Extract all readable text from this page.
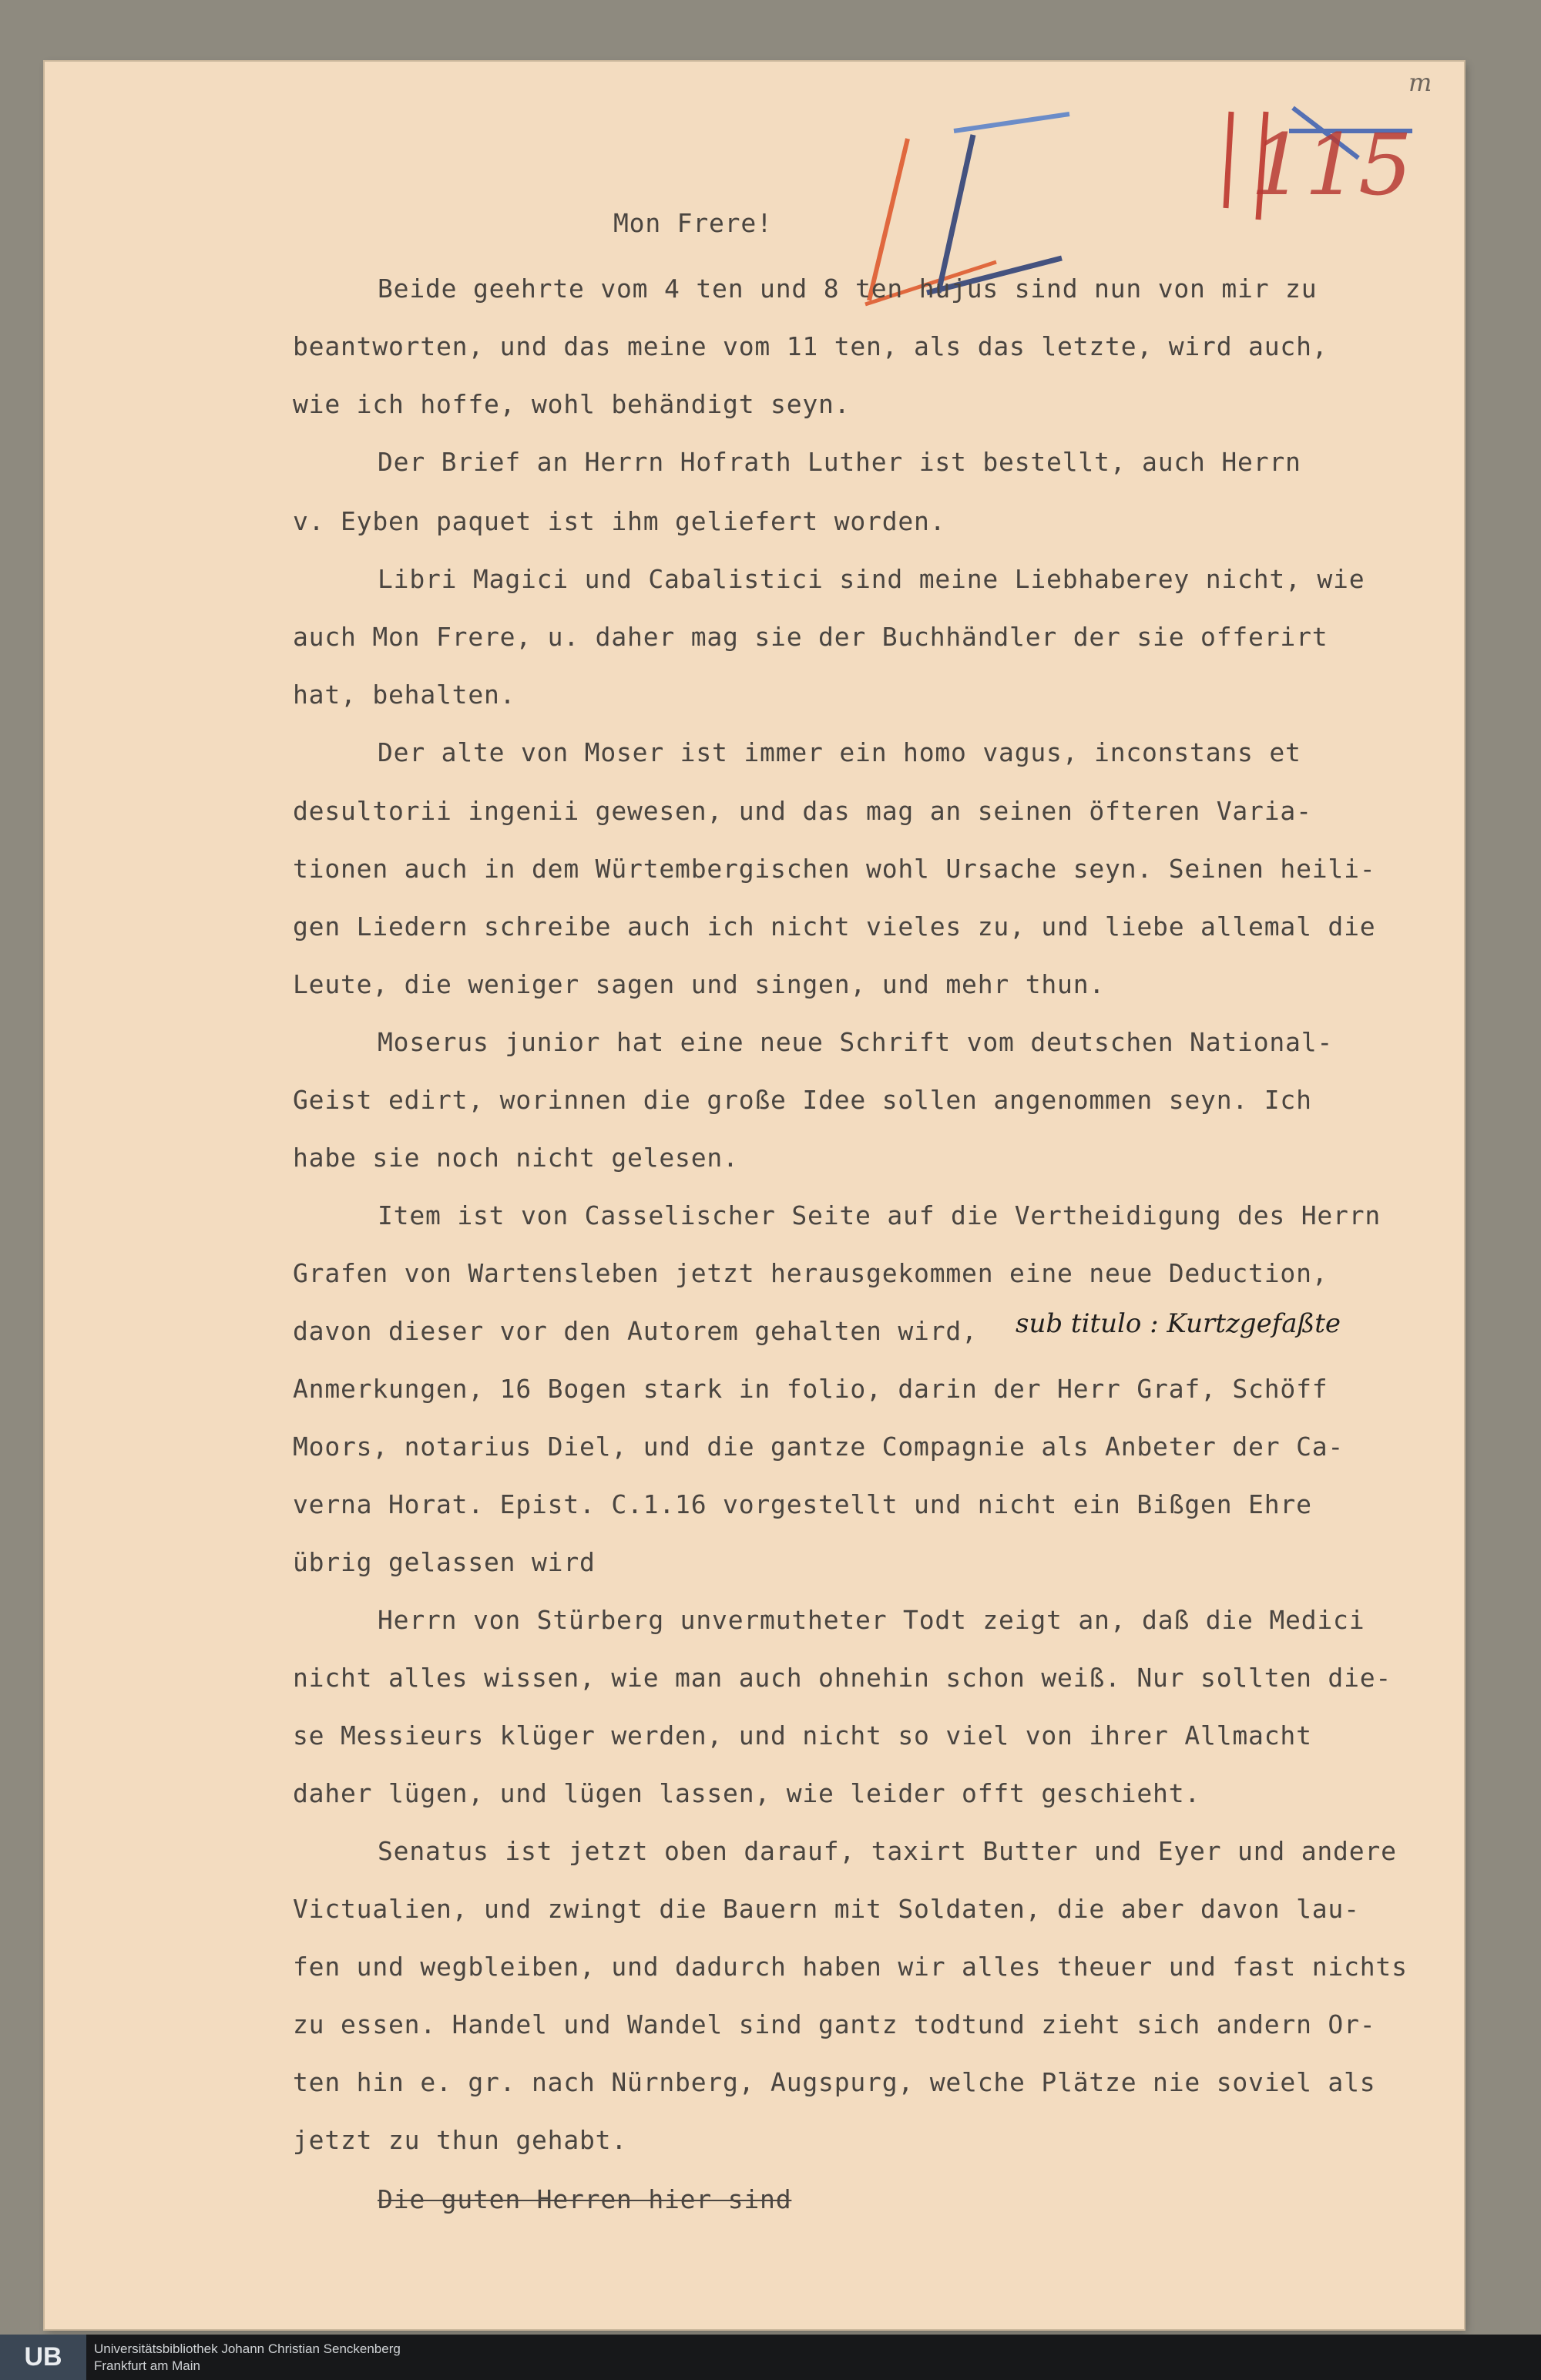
115
m
Mon Frere!
Beide geehrte vom 4 ten und 8 ten hujus sind nun von mir zu
beantworten, und das meine vom 11 ten, als das letzte, wird auch,
wie ich hoffe, wohl behändigt seyn.
Der Brief an Herrn Hofrath Luther ist bestellt, auch Herrn
v. Eyben paquet ist ihm geliefert worden.
Libri Magici und Cabalistici sind meine Liebhaberey nicht, wie
auch Mon Frere, u. daher mag sie der Buchhändler der sie offerirt
hat, behalten.
Der alte von Moser ist immer ein homo vagus, inconstans et
desultorii ingenii gewesen, und das mag an seinen öfteren Varia-
tionen auch in dem Würtembergischen wohl Ursache seyn. Seinen heili-
gen Liedern schreibe auch ich nicht vieles zu, und liebe allemal die
Leute, die weniger sagen und singen, und mehr thun.
Moserus junior hat eine neue Schrift vom deutschen National-
Geist edirt, worinnen die große Idee sollen angenommen seyn. Ich
habe sie noch nicht gelesen.
Item ist von Casselischer Seite auf die Vertheidigung des Herrn
Grafen von Wartensleben jetzt herausgekommen eine neue Deduction,
davon dieser vor den Autorem gehalten wird, sub titulo : Kurtzgefaßte
Anmerkungen, 16 Bogen stark in folio, darin der Herr Graf, Schöff
Moors, notarius Diel, und die gantze Compagnie als Anbeter der Ca-
verna Horat. Epist. C.1.16 vorgestellt und nicht ein Bißgen Ehre
übrig gelassen wird
Herrn von Stürberg unvermutheter Todt zeigt an, daß die Medici
nicht alles wissen, wie man auch ohnehin schon weiß. Nur sollten die-
se Messieurs klüger werden, und nicht so viel von ihrer Allmacht
daher lügen, und lügen lassen, wie leider offt geschieht.
Senatus ist jetzt oben darauf, taxirt Butter und Eyer und andere
Victualien, und zwingt die Bauern mit Soldaten, die aber davon lau-
fen und wegbleiben, und dadurch haben wir alles theuer und fast nichts
zu essen. Handel und Wandel sind gantz todtund zieht sich andern Or-
ten hin e. gr. nach Nürnberg, Augspurg, welche Plätze nie soviel als
jetzt zu thun gehabt.
Die guten Herren hier sind
UB	Universitätsbibliothek Johann Christian Senckenberg
Frankfurt am Main
